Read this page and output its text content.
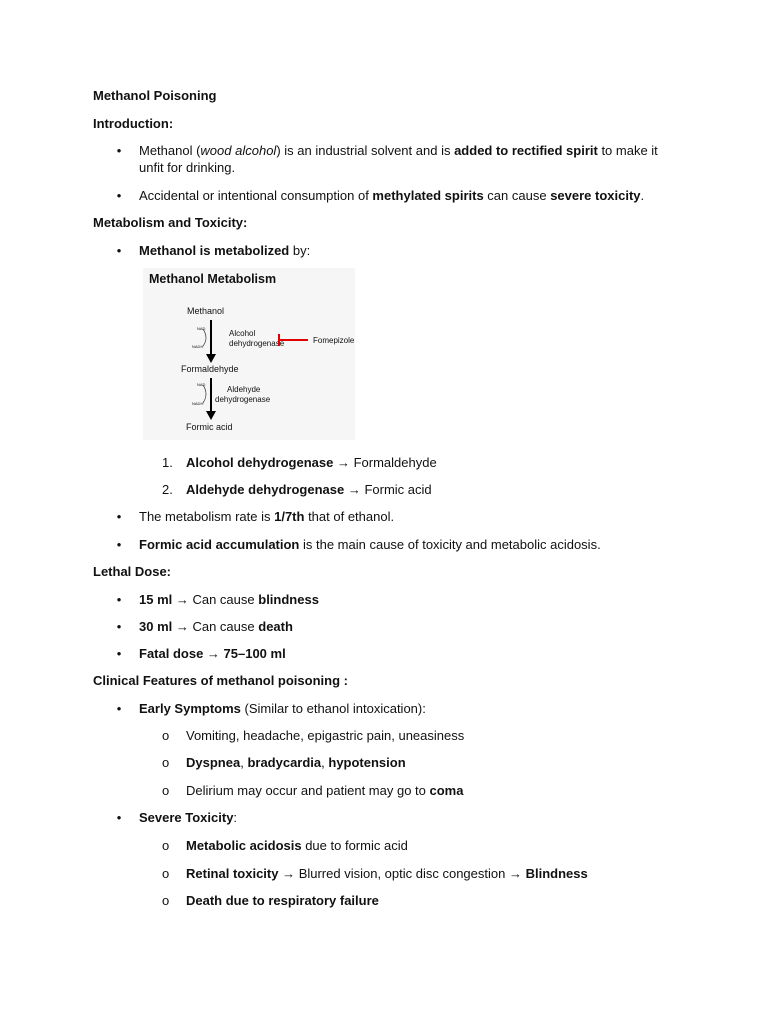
Methanol Poisoning
Introduction:
• Methanol (wood alcohol) is an industrial solvent and is added to rectified spirit to make it
unfit for drinking.
• Accidental or intentional consumption of methylated spirits can cause severe toxicity.
Metabolism and Toxicity:
• Methanol is metabolized by:
Methanol Metabolism
Methanol
NAD
NADH
Alcohol
dehydrogenase	Fomepizole
Formaldehyde
NAD
NADH
Aldehyde
dehydrogenase
Formic acid
1. Alcohol dehydrogenase → Formaldehyde
2. Aldehyde dehydrogenase → Formic acid
• The metabolism rate is 1/7th that of ethanol.
• Formic acid accumulation is the main cause of toxicity and metabolic acidosis.
Lethal Dose:
• 15 ml → Can cause blindness
• 30 ml → Can cause death
• Fatal dose → 75–100 ml
Clinical Features of methanol poisoning :
• Early Symptoms (Similar to ethanol intoxication):
o Vomiting, headache, epigastric pain, uneasiness
o Dyspnea, bradycardia, hypotension
o Delirium may occur and patient may go to coma
• Severe Toxicity:
o Metabolic acidosis due to formic acid
o Retinal toxicity → Blurred vision, optic disc congestion → Blindness
o Death due to respiratory failure
